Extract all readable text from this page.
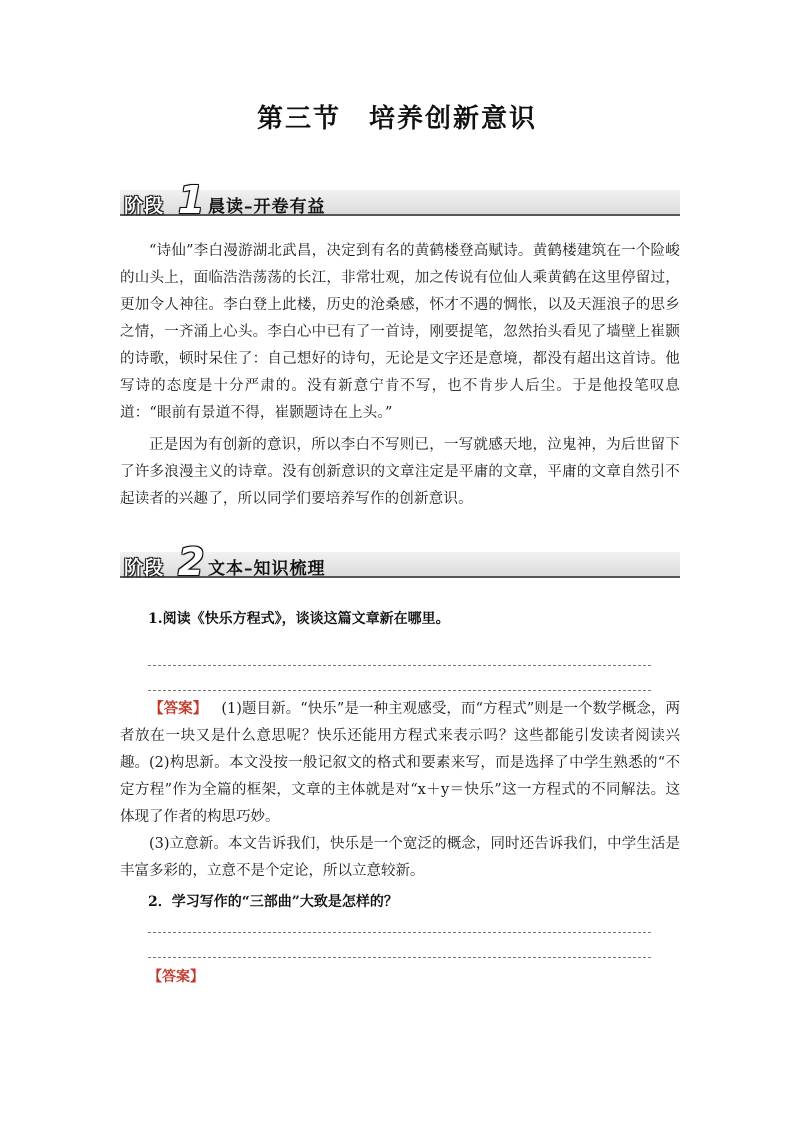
第三节 培养创新意识
阶段 1 晨读–开卷有益
“诗仙”李白漫游湖北武昌，决定到有名的黄鹤楼登高赋诗。黄鹤楼建筑在一个险峻的山头上，面临浩浩荡荡的长江，非常壮观，加之传说有位仙人乘黄鹤在这里停留过，更加令人神往。李白登上此楼，历史的沧桑感，怀才不遇的惆怅，以及天涯浪子的思乡之情，一齐涌上心头。李白心中已有了一首诗，刚要提笔，忽然抬头看见了墙壁上崔颢的诗歌，顿时呆住了：自己想好的诗句，无论是文字还是意境，都没有超出这首诗。他写诗的态度是十分严肃的。没有新意宁肯不写，也不肯步人后尘。于是他投笔叹息道：“眼前有景道不得，崔颢题诗在上头。”
正是因为有创新的意识，所以李白不写则已，一写就感天地，泣鬼神，为后世留下了许多浪漫主义的诗章。没有创新意识的文章注定是平庸的文章，平庸的文章自然引不起读者的兴趣了，所以同学们要培养写作的创新意识。
阶段 2 文本–知识梳理
1.阅读《快乐方程式》，谈谈这篇文章新在哪里。
【答案】 (1)题目新。“快乐”是一种主观感受，而“方程式”则是一个数学概念，两者放在一块又是什么意思呢？快乐还能用方程式来表示吗？这些都能引发读者阅读兴趣。 (2)构思新。本文没按一般记叙文的格式和要素来写，而是选择了中学生熟悉的“不定方程”作为全篇的框架，文章的主体就是对“x＋y＝快乐”这一方程式的不同解法。这体现了作者的构思巧妙。
(3)立意新。本文告诉我们，快乐是一个宽泛的概念，同时还告诉我们，中学生活是丰富多彩的，立意不是个定论，所以立意较新。
2．学习写作的“三部曲”大致是怎样的？
【答案】
